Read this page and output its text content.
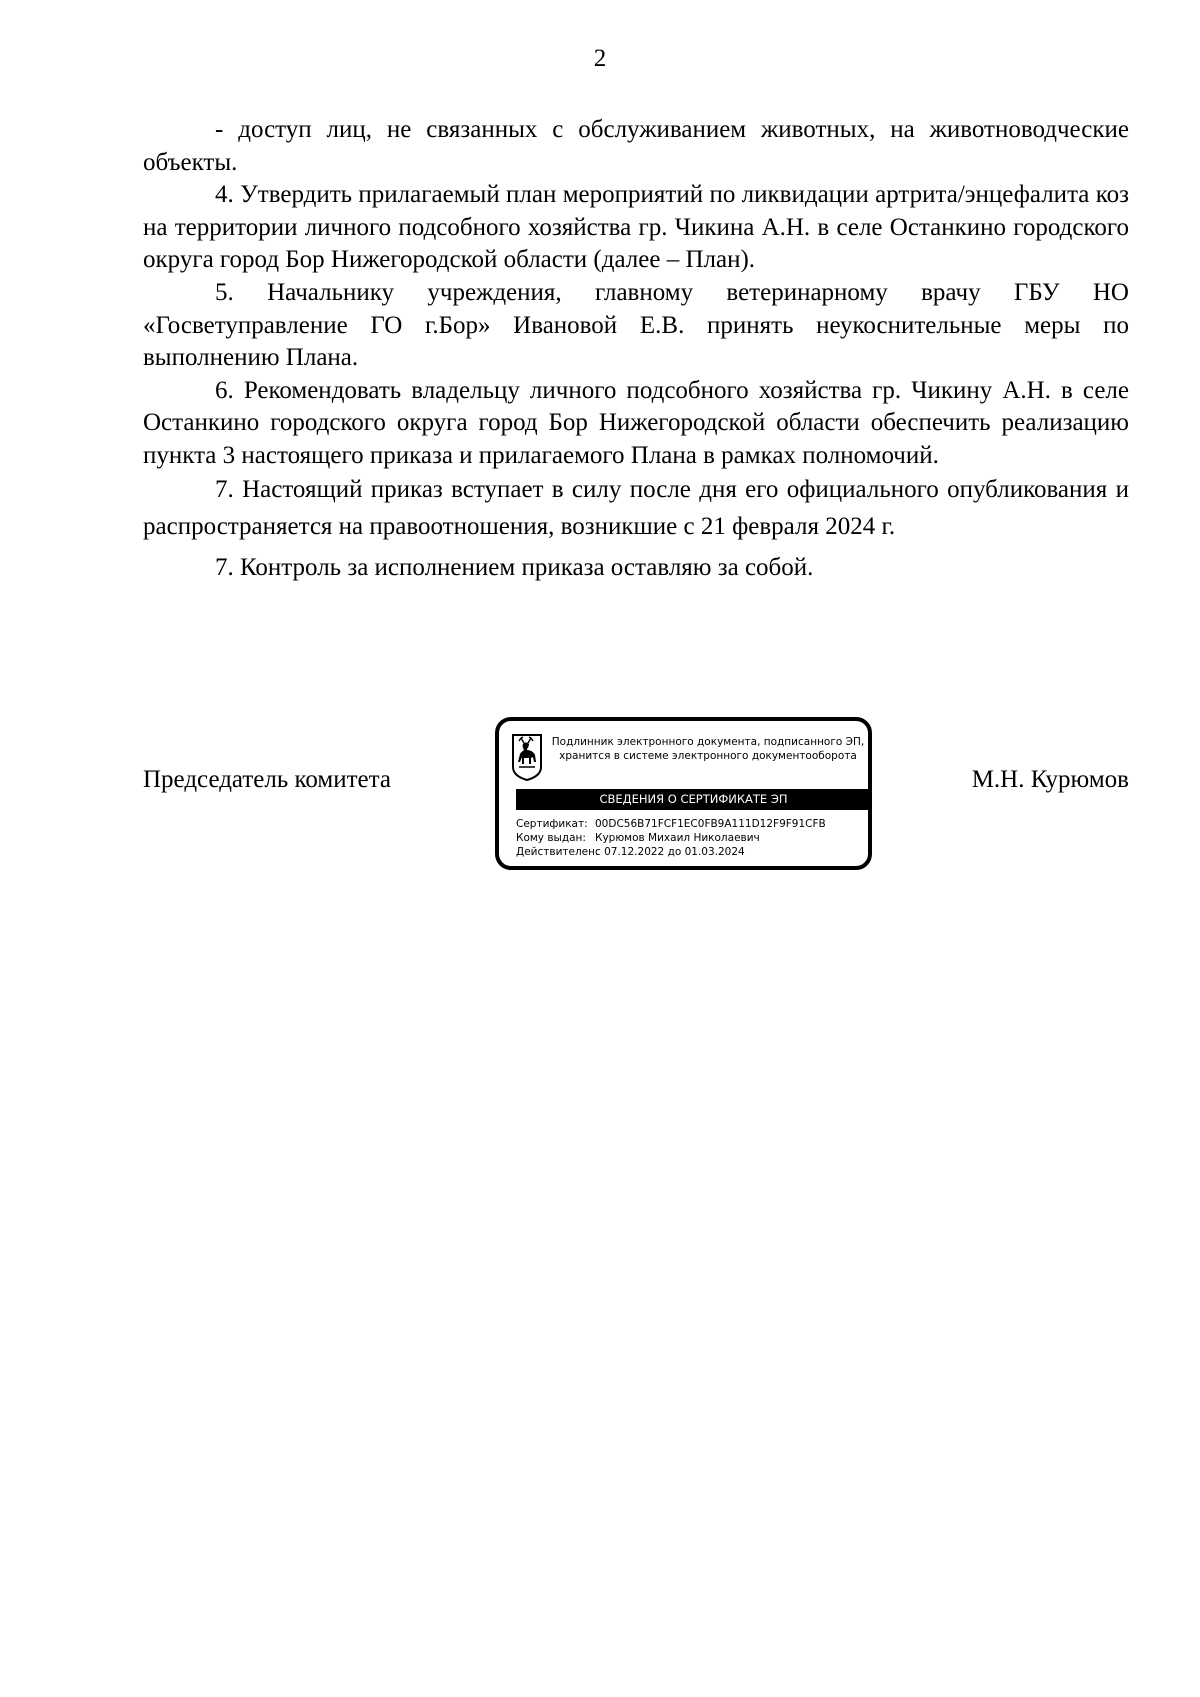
2

- доступ лиц, не связанных с обслуживанием животных, на животноводческие объекты.

4. Утвердить прилагаемый план мероприятий по ликвидации артрита/энцефалита коз на территории личного подсобного хозяйства гр. Чикина А.Н. в селе Останкино городского округа город Бор Нижегородской области (далее – План).

5. Начальнику учреждения, главному ветеринарному врачу ГБУ НО «Госветуправление ГО г.Бор» Ивановой Е.В. принять неукоснительные меры по выполнению Плана.

6. Рекомендовать владельцу личного подсобного хозяйства гр. Чикину А.Н. в селе Останкино городского округа город Бор Нижегородской области обеспечить реализацию пункта 3 настоящего приказа и прилагаемого Плана в рамках полномочий.

7. Настоящий приказ вступает в силу после дня его официального опубликования и распространяется на правоотношения, возникшие с 21 февраля 2024 г.

7. Контроль за исполнением приказа оставляю за собой.

Председатель комитета
Подлинник электронного документа, подписанного ЭП,
хранится в системе электронного документооборота
СВЕДЕНИЯ О СЕРТИФИКАТЕ ЭП
Сертификат: 00DC56B71FCF1EC0FB9A111D12F9F91CFB
Кому выдан: Курюмов Михаил Николаевич
Действителен:с 07.12.2022 до 01.03.2024
М.Н. Курюмов
